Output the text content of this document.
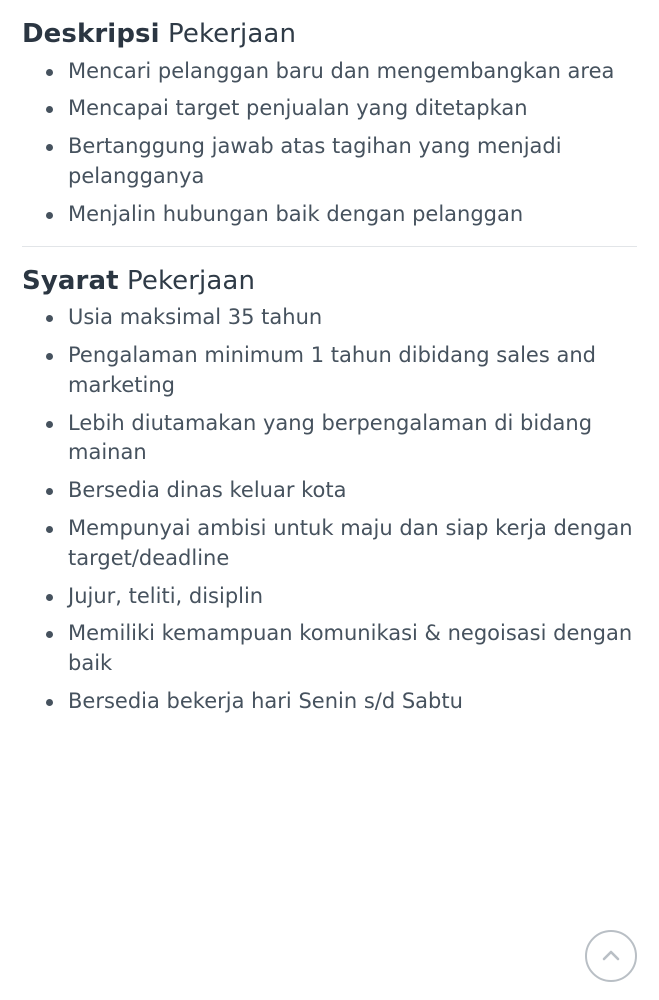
Deskripsi Pekerjaan
Mencari pelanggan baru dan mengembangkan area
Mencapai target penjualan yang ditetapkan
Bertanggung jawab atas tagihan yang menjadi pelangganya
Menjalin hubungan baik dengan pelanggan
Syarat Pekerjaan
Usia maksimal 35 tahun
Pengalaman minimum 1 tahun dibidang sales and marketing
Lebih diutamakan yang berpengalaman di bidang mainan
Bersedia dinas keluar kota
Mempunyai ambisi untuk maju dan siap kerja dengan target/deadline
Jujur, teliti, disiplin
Memiliki kemampuan komunikasi & negoisasi dengan baik
Bersedia bekerja hari Senin s/d Sabtu
